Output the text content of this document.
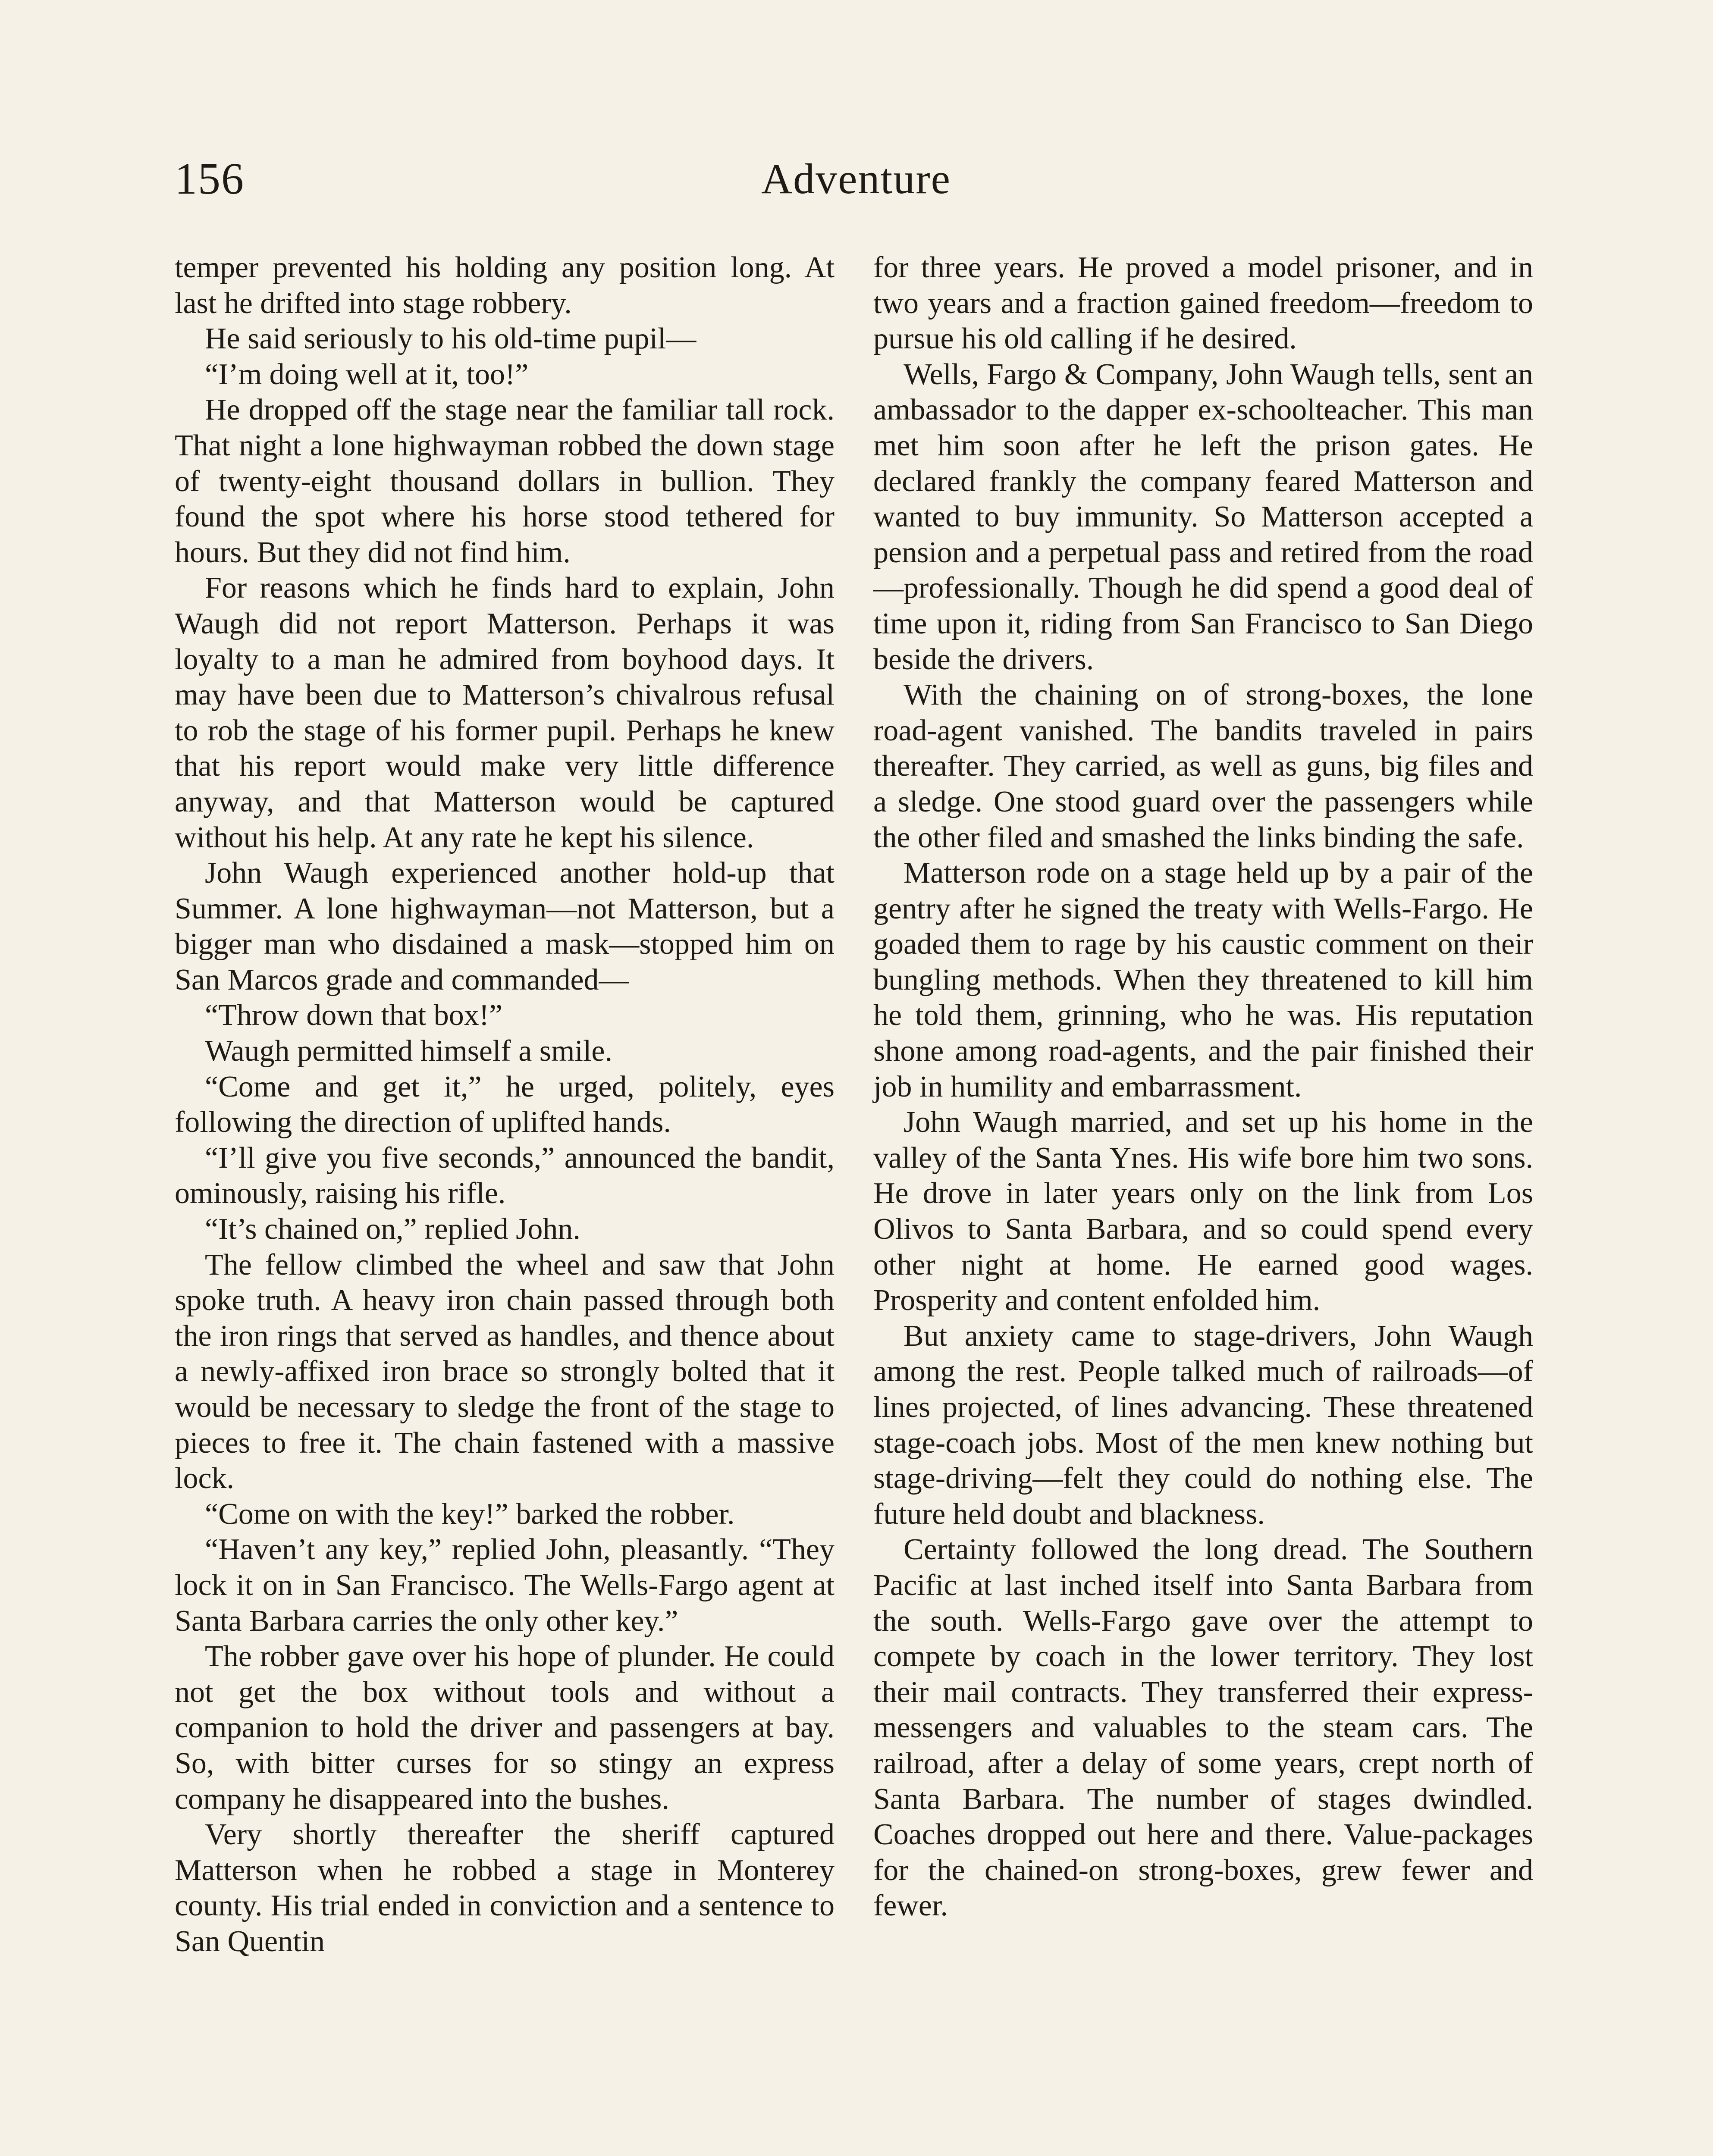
156	Adventure

temper prevented his holding any position long. At last he drifted into stage robbery.

He said seriously to his old-time pupil—

“I’m doing well at it, too!”

He dropped off the stage near the familiar tall rock. That night a lone highwayman robbed the down stage of twenty-eight thousand dollars in bullion. They found the spot where his horse stood tethered for hours. But they did not find him.

For reasons which he finds hard to explain, John Waugh did not report Matterson. Perhaps it was loyalty to a man he admired from boyhood days. It may have been due to Matterson’s chivalrous refusal to rob the stage of his former pupil. Perhaps he knew that his report would make very little difference anyway, and that Matterson would be captured without his help. At any rate he kept his silence.

John Waugh experienced another hold-up that Summer. A lone highwayman—not Matterson, but a bigger man who disdained a mask—stopped him on San Marcos grade and commanded—

“Throw down that box!”

Waugh permitted himself a smile.

“Come and get it,” he urged, politely, eyes following the direction of uplifted hands.

“I’ll give you five seconds,” announced the bandit, ominously, raising his rifle.

“It’s chained on,” replied John.

The fellow climbed the wheel and saw that John spoke truth. A heavy iron chain passed through both the iron rings that served as handles, and thence about a newly-affixed iron brace so strongly bolted that it would be necessary to sledge the front of the stage to pieces to free it. The chain fastened with a massive lock.

“Come on with the key!” barked the robber.

“Haven’t any key,” replied John, pleasantly. “They lock it on in San Francisco. The Wells-Fargo agent at Santa Barbara carries the only other key.”

The robber gave over his hope of plunder. He could not get the box without tools and without a companion to hold the driver and passengers at bay. So, with bitter curses for so stingy an express company he disappeared into the bushes.

Very shortly thereafter the sheriff captured Matterson when he robbed a stage in Monterey county. His trial ended in conviction and a sentence to San Quentin

for three years. He proved a model prisoner, and in two years and a fraction gained freedom—freedom to pursue his old calling if he desired.

Wells, Fargo & Company, John Waugh tells, sent an ambassador to the dapper ex-schoolteacher. This man met him soon after he left the prison gates. He declared frankly the company feared Matterson and wanted to buy immunity. So Matterson accepted a pension and a perpetual pass and retired from the road—professionally. Though he did spend a good deal of time upon it, riding from San Francisco to San Diego beside the drivers.

With the chaining on of strong-boxes, the lone road-agent vanished. The bandits traveled in pairs thereafter. They carried, as well as guns, big files and a sledge. One stood guard over the passengers while the other filed and smashed the links binding the safe.

Matterson rode on a stage held up by a pair of the gentry after he signed the treaty with Wells-Fargo. He goaded them to rage by his caustic comment on their bungling methods. When they threatened to kill him he told them, grinning, who he was. His reputation shone among road-agents, and the pair finished their job in humility and embarrassment.

John Waugh married, and set up his home in the valley of the Santa Ynes. His wife bore him two sons. He drove in later years only on the link from Los Olivos to Santa Barbara, and so could spend every other night at home. He earned good wages. Prosperity and content enfolded him.

But anxiety came to stage-drivers, John Waugh among the rest. People talked much of railroads—of lines projected, of lines advancing. These threatened stage-coach jobs. Most of the men knew nothing but stage-driving—felt they could do nothing else. The future held doubt and blackness.

Certainty followed the long dread. The Southern Pacific at last inched itself into Santa Barbara from the south. Wells-Fargo gave over the attempt to compete by coach in the lower territory. They lost their mail contracts. They transferred their express-messengers and valuables to the steam cars. The railroad, after a delay of some years, crept north of Santa Barbara. The number of stages dwindled. Coaches dropped out here and there. Value-packages for the chained-on strong-boxes, grew fewer and fewer.
